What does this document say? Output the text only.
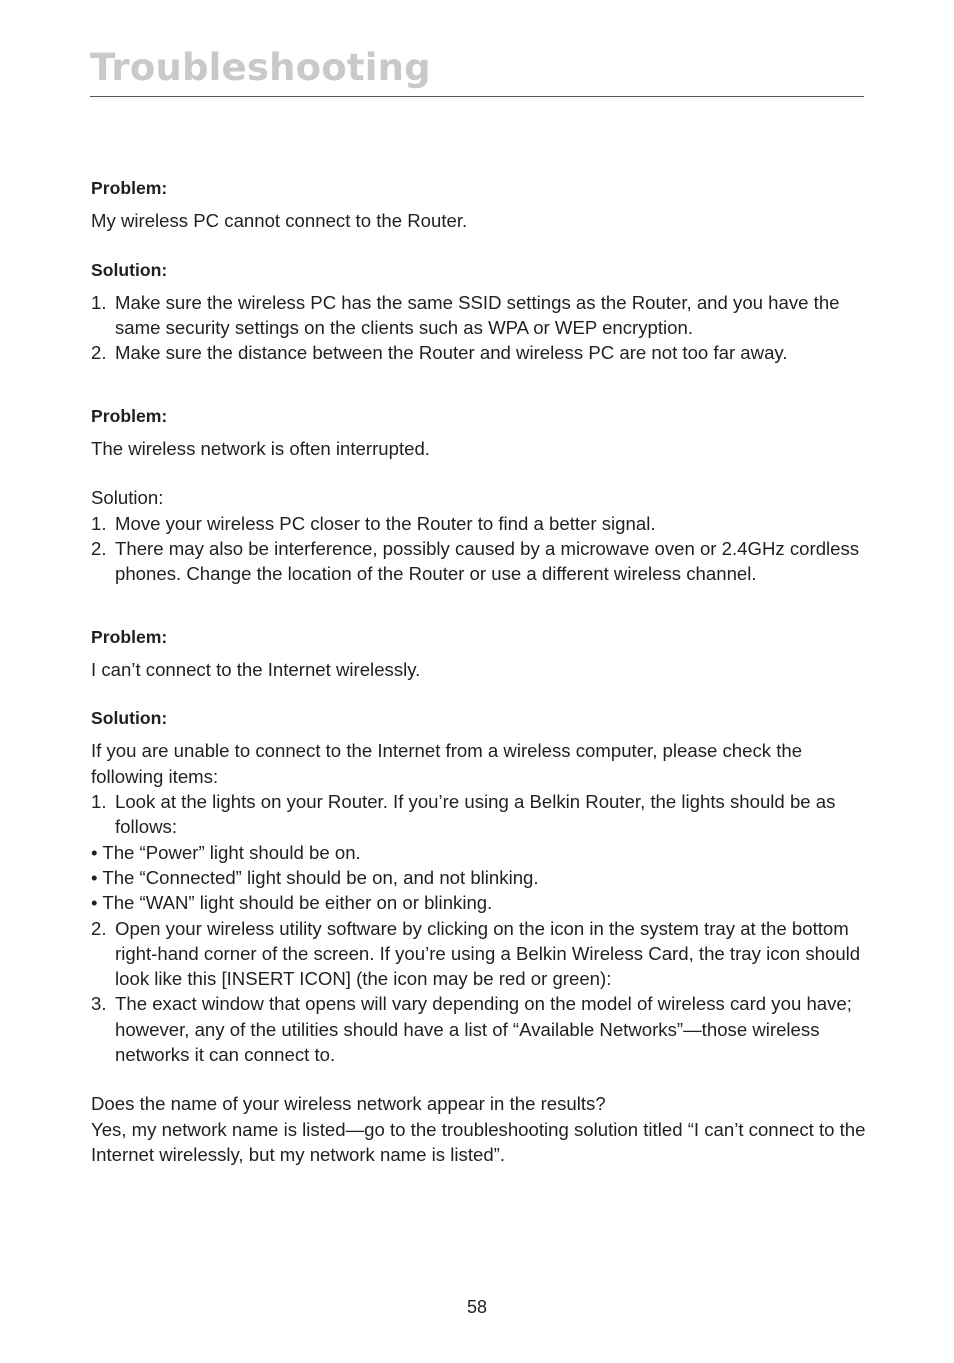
Troubleshooting

Problem:

My wireless PC cannot connect to the Router.

Solution:

1. Make sure the wireless PC has the same SSID settings as the Router, and you have the same security settings on the clients such as WPA or WEP encryption.
2. Make sure the distance between the Router and wireless PC are not too far away.

Problem:

The wireless network is often interrupted.

Solution:

1. Move your wireless PC closer to the Router to find a better signal.
2. There may also be interference, possibly caused by a microwave oven or 2.4GHz cordless phones. Change the location of the Router or use a different wireless channel.

Problem:

I can’t connect to the Internet wirelessly.

Solution:

If you are unable to connect to the Internet from a wireless computer, please check the following items:

1. Look at the lights on your Router. If you’re using a Belkin Router, the lights should be as follows:

• The “Power” light should be on.

• The “Connected” light should be on, and not blinking.

• The “WAN” light should be either on or blinking.

2. Open your wireless utility software by clicking on the icon in the system tray at the bottom right-hand corner of the screen. If you’re using a Belkin Wireless Card, the tray icon should look like this [INSERT ICON] (the icon may be red or green):
3. The exact window that opens will vary depending on the model of wireless card you have; however, any of the utilities should have a list of “Available Networks”—those wireless networks it can connect to.

Does the name of your wireless network appear in the results?

Yes, my network name is listed—go to the troubleshooting solution titled “I can’t connect to the Internet wirelessly, but my network name is listed”.

58
